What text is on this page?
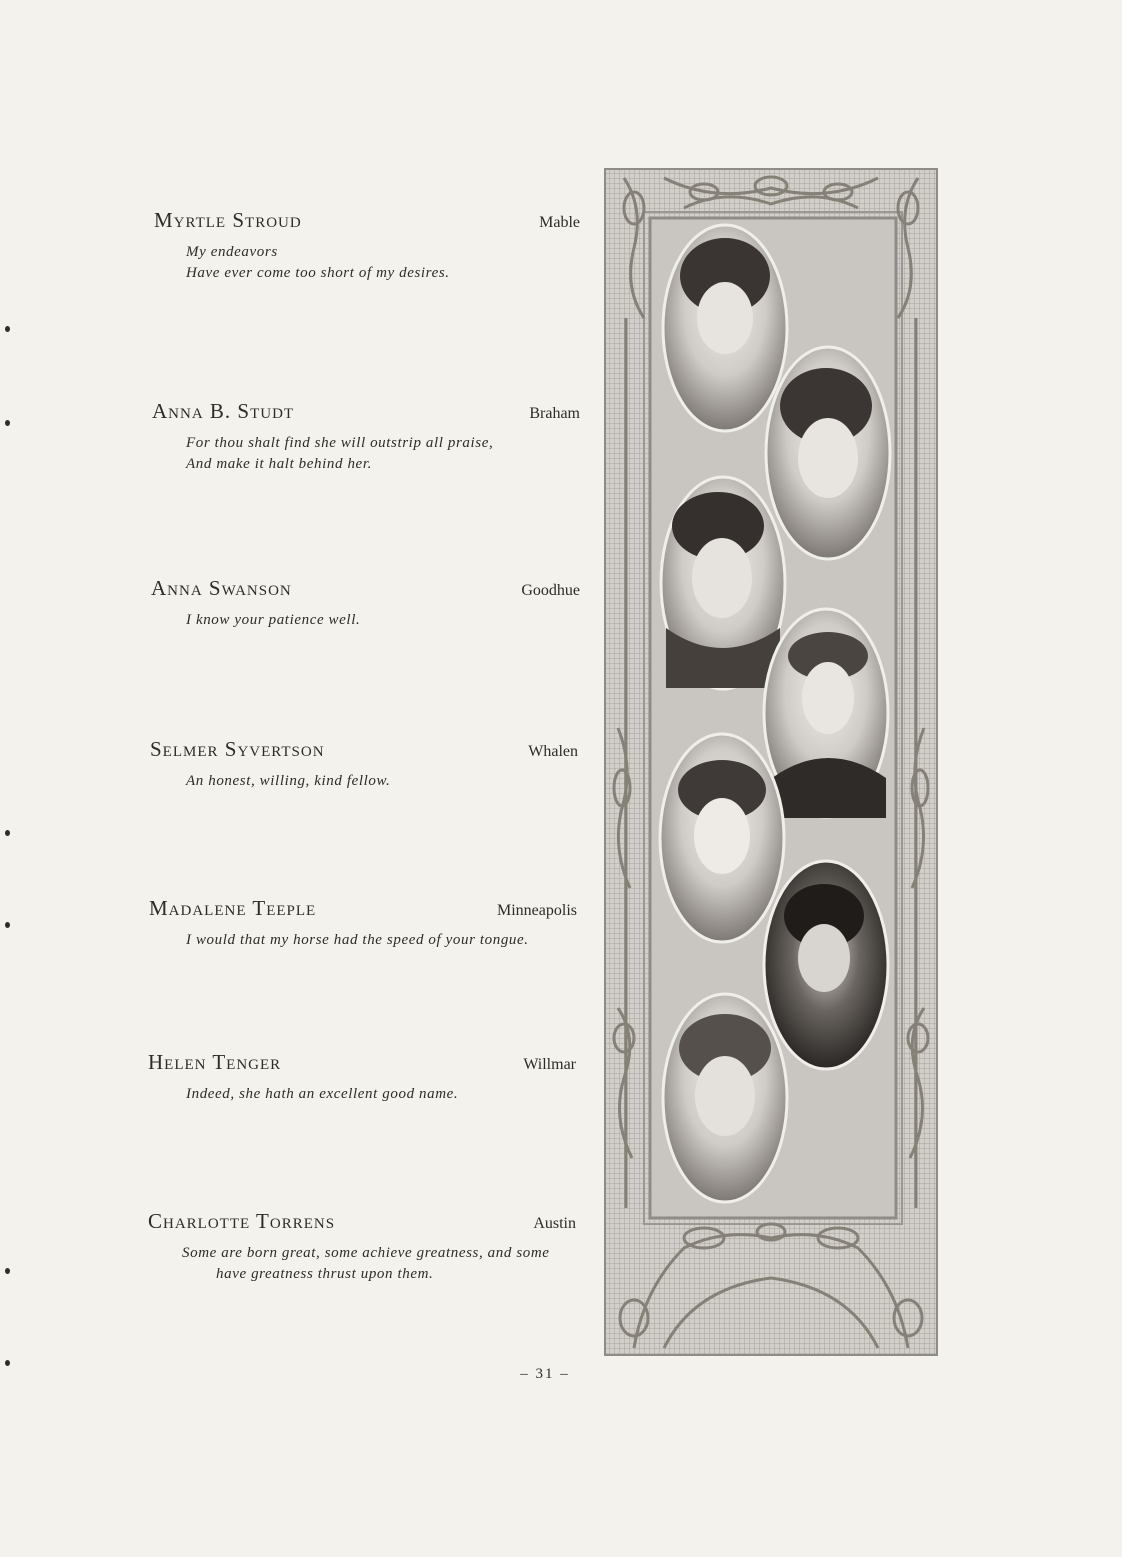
Myrtle Stroud	Mable
My endeavors
Have ever come too short of my desires.
Anna B. Studt	Braham
For thou shalt find she will outstrip all praise,
And make it halt behind her.
Anna Swanson	Goodhue
I know your patience well.
Selmer Syvertson	Whalen
An honest, willing, kind fellow.
Madalene Teeple	Minneapolis
I would that my horse had the speed of your tongue.
Helen Tenger	Willmar
Indeed, she hath an excellent good name.
Charlotte Torrens	Austin
Some are born great, some achieve greatness, and some
have greatness thrust upon them.
– 31 –
